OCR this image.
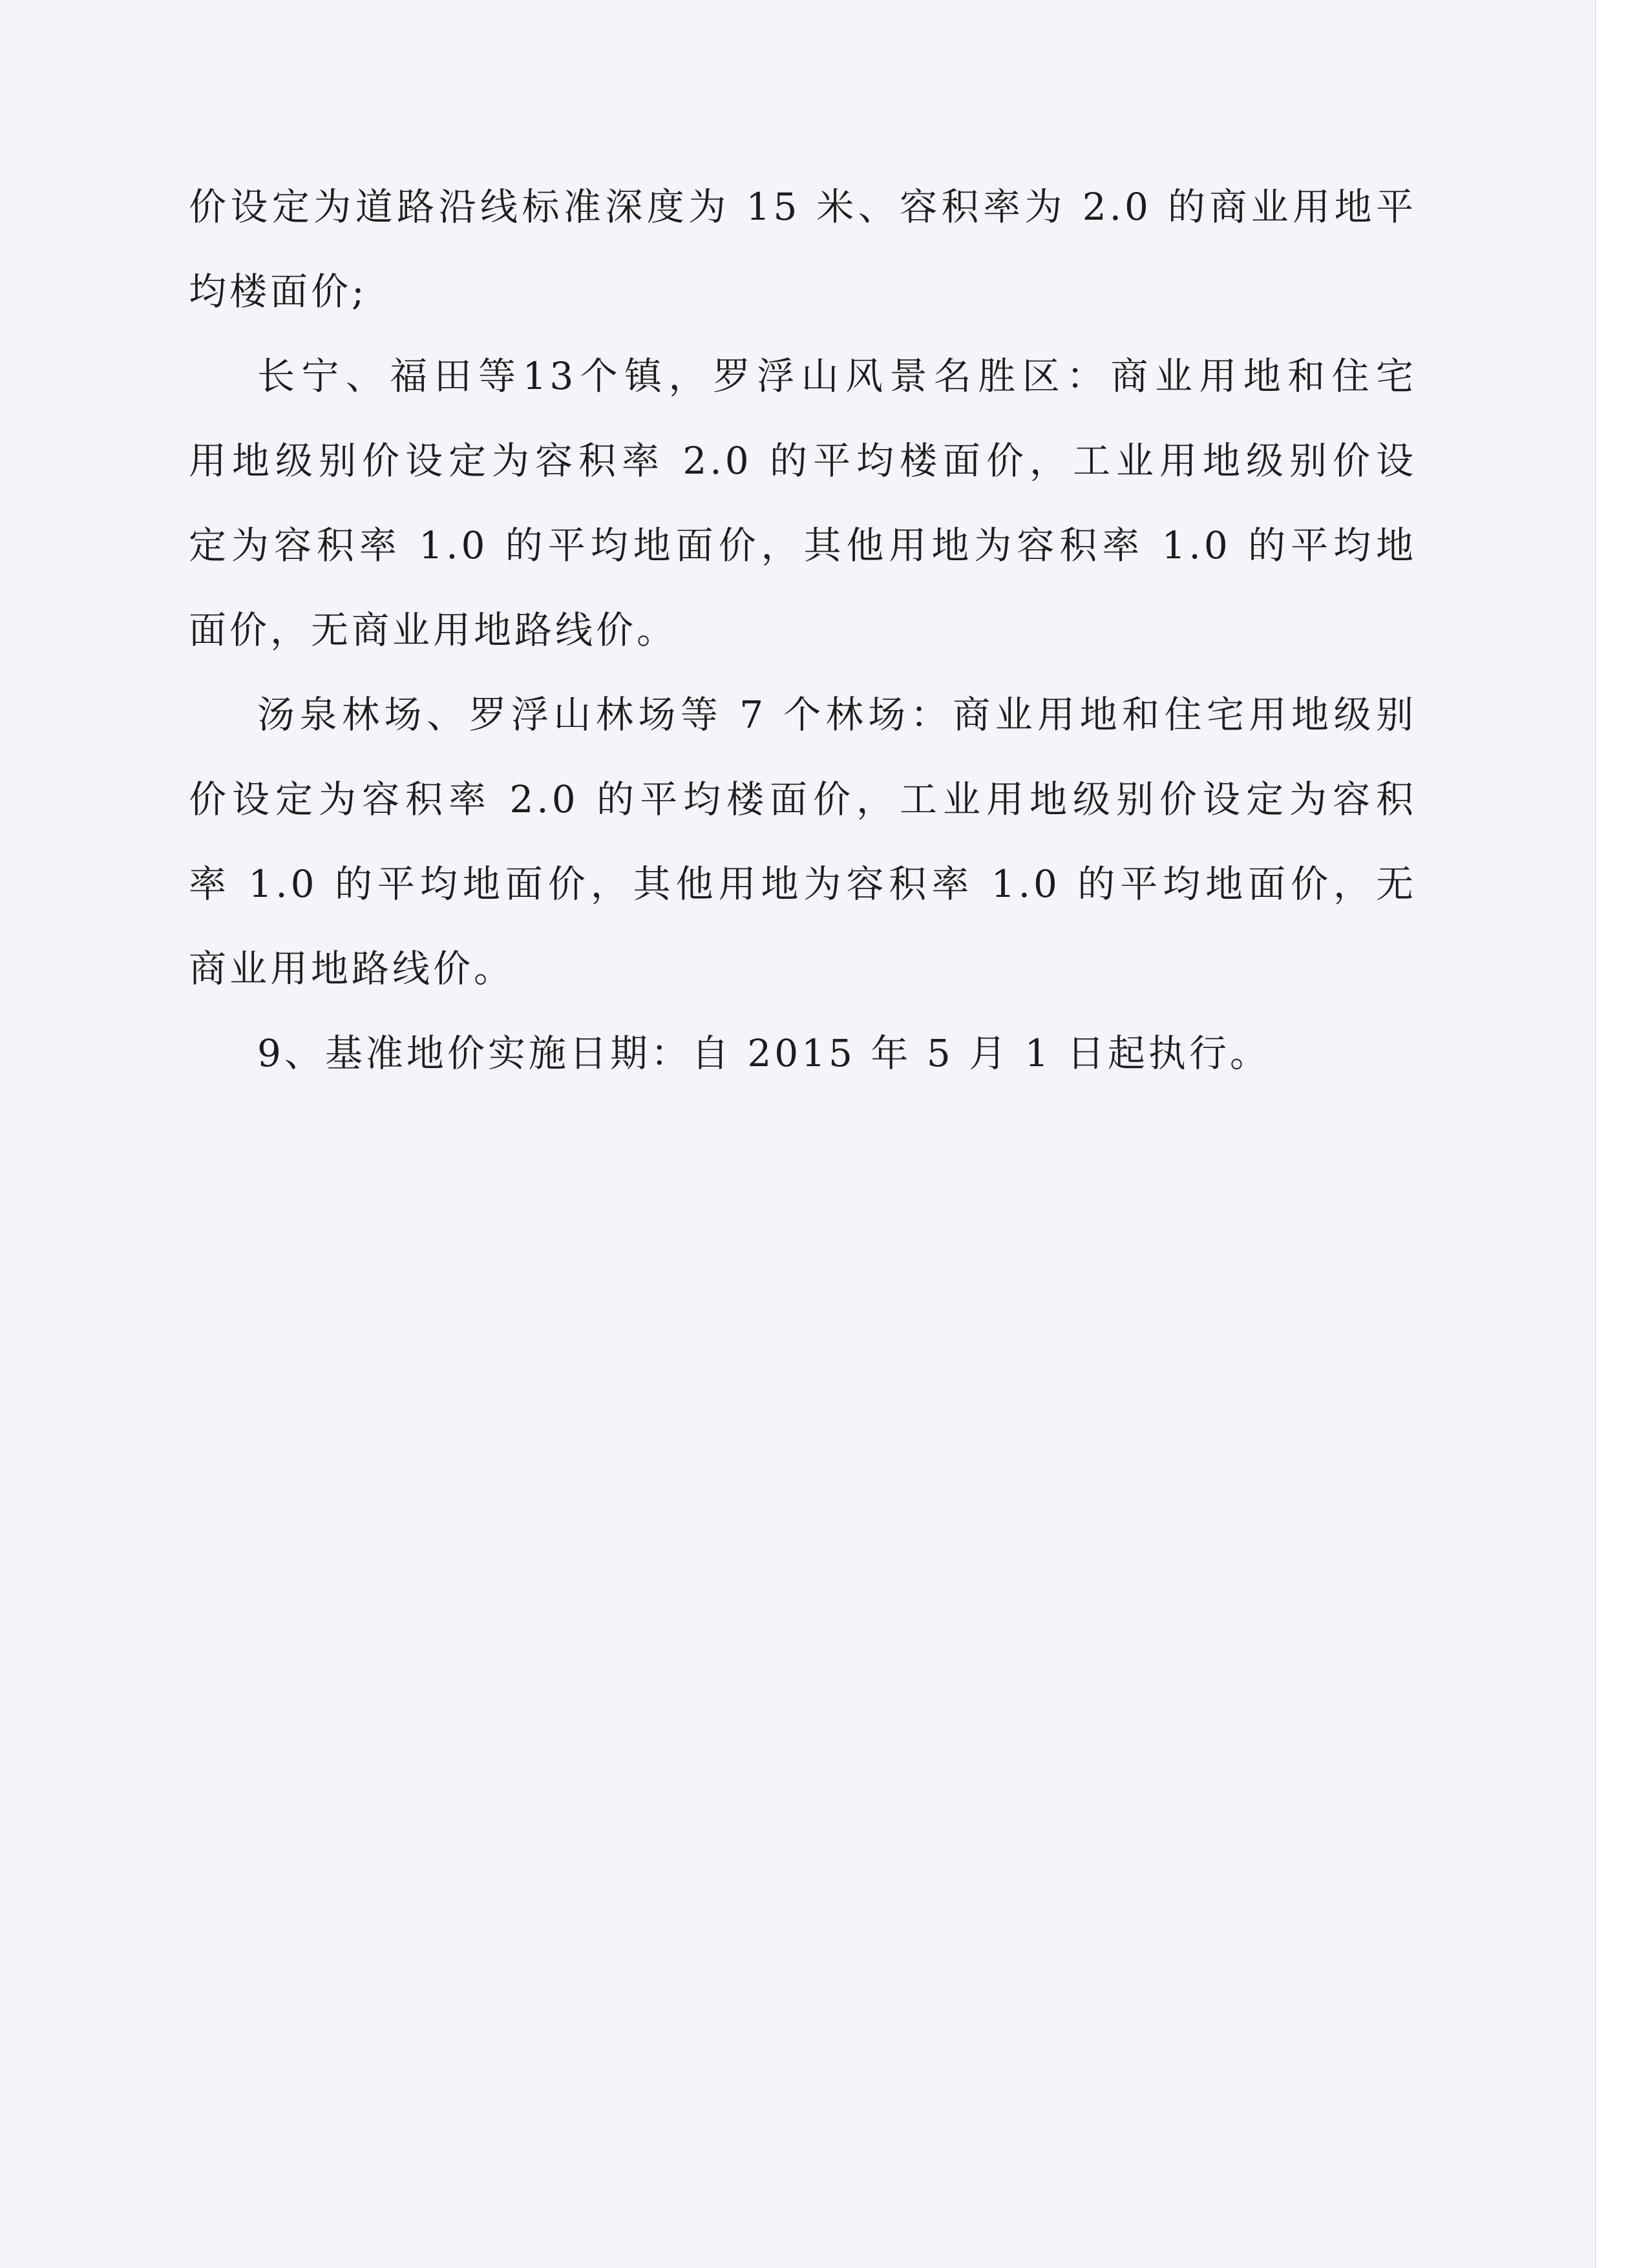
价设定为道路沿线标准深度为 15 米、容积率为 2.0 的商业用地平
均楼面价;

长宁、福田等13个镇，罗浮山风景名胜区：商业用地和住宅
用地级别价设定为容积率 2.0 的平均楼面价，工业用地级别价设
定为容积率 1.0 的平均地面价，其他用地为容积率 1.0 的平均地
面价，无商业用地路线价。

汤泉林场、罗浮山林场等 7 个林场：商业用地和住宅用地级别
价设定为容积率 2.0 的平均楼面价，工业用地级别价设定为容积
率 1.0 的平均地面价，其他用地为容积率 1.0 的平均地面价，无
商业用地路线价。

9、基准地价实施日期：自 2015 年 5 月 1 日起执行。
